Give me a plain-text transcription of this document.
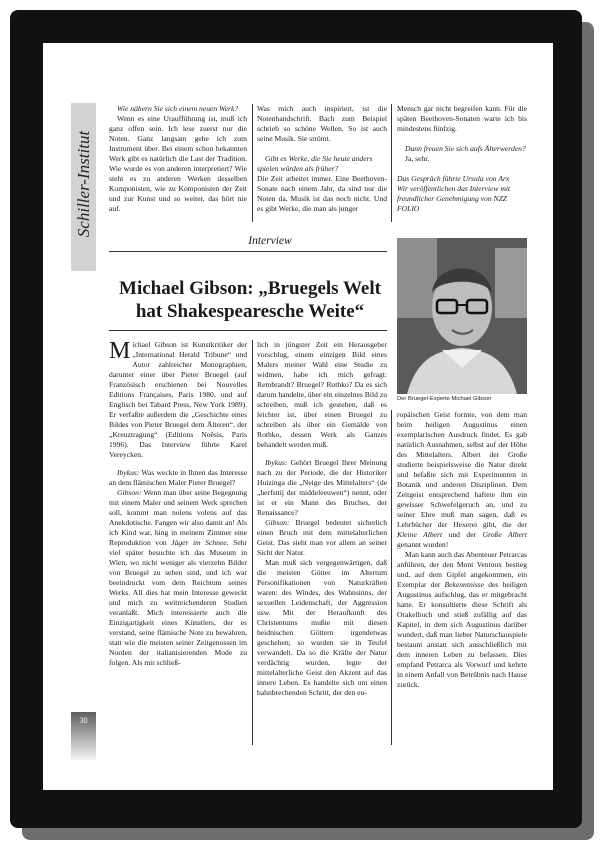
Schiller-Institut
30

Wie nähern Sie sich einem neuen Werk?

Wenn es eine Uraufführung ist, muß ich ganz offen sein. Ich lese zuerst nur die Noten. Ganz langsam gehe ich zum Instrument über. Bei einem schon bekannten Werk gibt es natürlich die Last der Tradition. Wie wurde es von anderen interpretiert? Wie steht es zu anderen Werken desselben Komponisten, wie zu Komponisten der Zeit und zur Kunst und so weiter, das hört nie auf.

Was mich auch inspiriert, ist die Notenhandschrift. Bach zum Beispiel schrieb so schöne Wellen. So ist auch seine Musik. Sie strömt.

Gibt es Werke, die Sie heute anders spielen würden als früher?

Die Zeit arbeitet immer. Eine Beethoven-Sonate nach einem Jahr, da sind nur die Noten da, Musik ist das noch nicht. Und es gibt Werke, die man als junger

Mensch gar nicht begreifen kann. Für die späten Beethoven-Sonaten warte ich bis mindestens fünfzig.

Dann freuen Sie sich aufs Älterwerden?

Ja, sehr.

Das Gespräch führte Ursula von Arx

Wir veröffentlichen das Interview mit freundlicher Genehmigung von NZZ FOLIO

Interview
Michael Gibson: „Bruegels Welt
hat Shakespearesche Weite“
Der Bruegel-Experte Michael Gibson

Michael Gibson ist Kunstkritiker der „International Herald Tribune“ und Autor zahlreicher Monographien, darunter einer über Pieter Bruegel (auf Französisch erschienen bei Nouvelles Editions Françaises, Paris 1980, und auf Englisch bei Tabard Press, New York 1989). Er verfaßte außerdem die „Geschichte eines Bildes von Pieter Bruegel dem Älteren“, der „Kreuztragung“ (Editions Noêsis, Paris 1996). Das Interview führte Karel Vereycken.

Ibykus: Was weckte in Ihnen das Interesse an dem flämischen Maler Pieter Bruegel?

Gibson: Wenn man über seine Begegnung mit einem Maler und seinem Werk sprechen soll, kommt man nolens volens auf das Anekdotische. Fangen wir also damit an! Als ich Kind war, hing in meinem Zimmer eine Reproduktion von Jäger im Schnee. Sehr viel später besuchte ich das Museum in Wien, wo nicht weniger als vierzehn Bilder von Bruegel zu sehen sind, und ich war beeindruckt vom dem Reichtum seines Werks. All dies hat mein Interesse geweckt und mich zu weitreichenderen Studien veranlaßt. Mich interessierte auch die Einzigartigkeit eines Künstlers, der es verstand, seine flämische Note zu bewahren, statt wie die meisten seiner Zeitgenossen im Norden der italianisierenden Mode zu folgen. Als mir schließ-

lich in jüngster Zeit ein Herausgeber vorschlug, einem einzigen Bild eines Malers meiner Wahl eine Studie zu widmen, habe ich mich gefragt: Rembrandt? Bruegel? Rothko? Da es sich darum handelte, über ein einzelnes Bild zu schreiben, muß ich gestehen, daß es leichter ist, über einen Bruegel zu schreiben als über ein Gemälde von Rothko, dessen Werk als Ganzes behandelt werden muß.

Ibykus: Gehört Bruegel Ihrer Meinung nach zu der Periode, die der Historiker Huizinga die „Neige des Mittelalters“ (de „herfsttij der middeleeuwen“) nennt, oder ist er ein Mann des Bruches, der Renaissance?

Gibson: Bruegel bedeutet sicherlich einen Bruch mit dem mittelalterlichen Geist. Das sieht man vor allem an seiner Sicht der Natur.

Man muß sich vergegenwärtigen, daß die meisten Götter im Altertum Personifikationen von Naturkräften waren: des Windes, des Wahnsinns, der sexuellen Leidenschaft, der Aggression usw. Mit der Heraufkunft des Christentums mußte mit diesen heidnischen Göttern irgendetwas geschehen; so wurden sie in Teufel verwandelt. Da so die Kräfte der Natur verdächtig wurden, legte der mittelalterliche Geist den Akzent auf das innere Leben. Es handelte sich um einen bahnbrechenden Schritt, der den eu-

ropäischen Geist formte, von dem man beim heiligen Augustinus einen exemplarischen Ausdruck findet. Es gab natürlich Ausnahmen, selbst auf der Höhe des Mittelalters. Albert der Große studierte beispielsweise die Natur direkt und befaßte sich mit Experimenten in Botanik und anderen Disziplinen. Dem Zeitgeist entsprechend haftete ihm ein gewisser Schwefelgeruch an, und zu seiner Ehre muß man sagen, daß es Lehrbücher der Hexerei gibt, die der Kleine Albert und der Große Albert genannt wurden!

Man kann auch das Abenteuer Petrarcas anführen, der den Mont Ventoux bestieg und, auf dem Gipfel angekommen, ein Exemplar der Bekenntnisse des heiligen Augustinus aufschlug, das er mitgebracht hatte. Er konsultierte diese Schrift als Orakelbuch und stieß zufällig auf das Kapitel, in dem sich Augustinus darüber wundert, daß man lieber Naturschauspiele bestaunt anstatt sich ausschließlich mit dem inneren Leben zu befassen. Dies empfand Petrarca als Vorwurf und kehrte in einem Anfall von Betrübnis nach Hause zurück.
